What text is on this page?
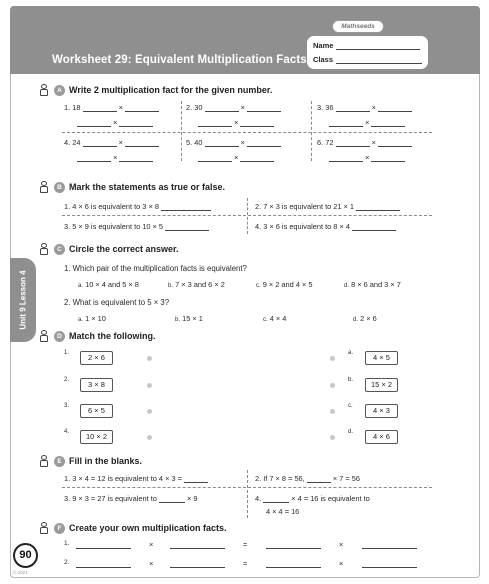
Mathseeds
Worksheet 29: Equivalent Multiplication Facts
Name
Class
Unit 9 Lesson 4
A Write 2 multiplication fact for the given number.
1. 18	×
×
2. 30	×
×
3. 36	×
×
4. 24	×
×
5. 40	×
×
6. 72	×
×
B Mark the statements as true or false.
1. 4 × 6 is equivalent to 3 × 8	2. 7 × 3 is equivalent to 21 × 1
3. 5 × 9 is equivalent to 10 × 5	4. 3 × 6 is equivalent to 8 × 4
C Circle the correct answer.
1. Which pair of the multiplication facts is equivalent?
a. 10 × 4 and 5 × 8	b. 7 × 3 and 6 × 2	c. 9 × 2 and 4 × 5	d. 8 × 6 and 3 × 7
2. What is equivalent to 5 × 3?
a. 1 × 10	b. 15 × 1	c. 4 × 4	d. 2 × 6
D Match the following.
1.	2 × 6	a.	4 × 5
2.	3 × 8	b.	15 × 2
3.	6 × 5	c.	4 × 3
4.	10 × 2	d.	4 × 6
E Fill in the blanks.
1. 3 × 4 = 12 is equivalent to 4 × 3 =	2. If 7 × 8 = 56,	× 7 = 56
3. 9 × 3 = 27 is equivalent to	× 9	4.	× 4 = 16 is equivalent to
4 × 4 = 16
F Create your own multiplication facts.
1.	×	=	×
2.	×	=	×
90
© 2021
